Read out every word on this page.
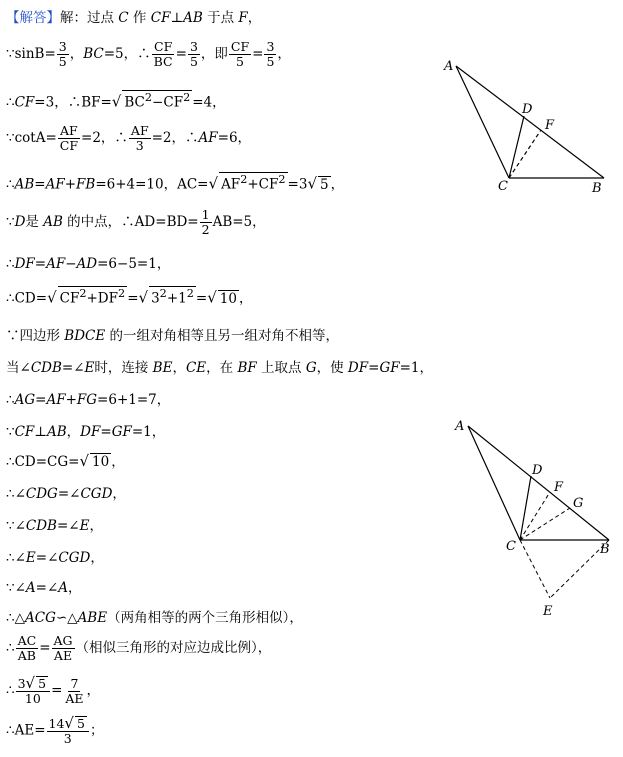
【解答】解：过点 C 作 CF⊥AB 于点 F，
∵sinB= $\frac{3}{5}$ ，BC=5，∴ $\frac{CF}{BC} = \frac{3}{5}$ ，即 $\frac{CF}{5} = \frac{3}{5}$ ，
∴CF=3，∴BF=√ $BC^2-CF^2 =4$，
∵cotA= $\frac{AF}{CF} =2$，∴ $\frac{AF}{3} =2$，∴AF=6，
∴AB=AF+FB=6+4=10，AC=√ $AF^2+CF^2 =3√$ 5 ，
∵D是 AB 的中点，∴AD=BD= $\frac{1}{2} AB=5$，
∴DF=AF−AD=6−5=1，
∴CD=√ $CF^2+DF^2$ =√ $3^2+1^2$ =√ 10 ，
∵四边形 BDCE 的一组对角相等且另一组对角不相等，
当∠CDB=∠E时，连接 BE，CE，在 BF 上取点 G，使 DF=GF=1，
∴AG=AF+FG=6+1=7，
∵CF⊥AB，DF=GF=1，
∴CD=CG=√ 10 ，
∴∠CDG=∠CGD，
∵∠CDB=∠E，
∴∠E=∠CGD，
∵∠A=∠A，
∴△ACG∽△ABE（两角相等的两个三角形相似），
∴ $\frac{AC}{AB} = \frac{AG}{AE}$ （相似三角形的对应边成比例），
∴ $\frac{3√ 5}{10} = \frac{7}{AE}$ ，
∴AE= $\frac{14√ 5}{3}$ ；
A
D
F
C	B
A
D
F
G
C	B
E
